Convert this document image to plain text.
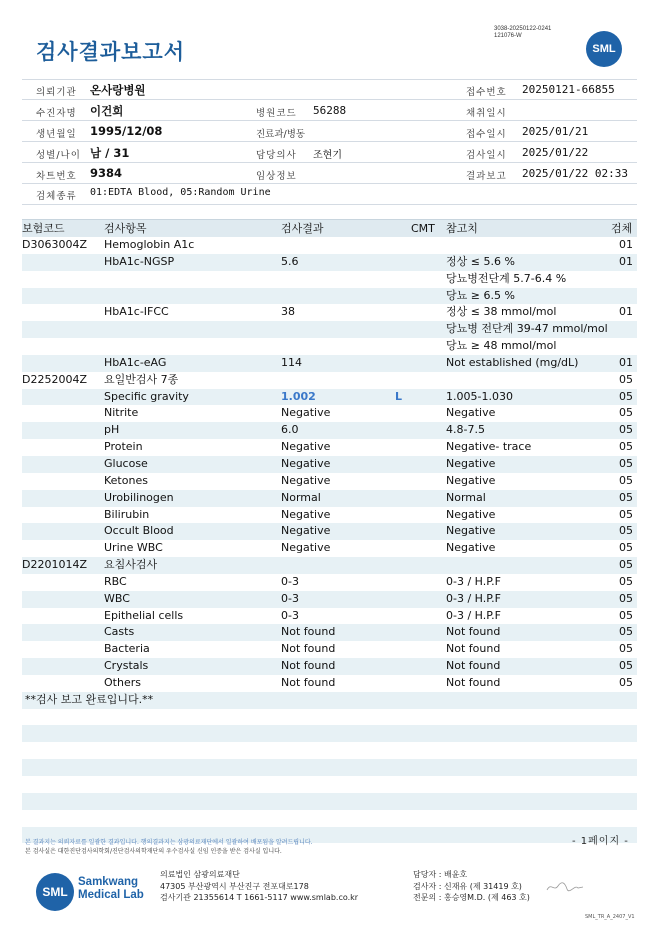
3038-20250122-0241
121076-W
검사결과보고서	SML
의뢰기관 온사랑병원	접수번호 20250121-66855
수진자명 이건희	병원코드 56288	채취일시
생년월일 1995/12/08	진료과/병동	접수일시 2025/01/21
성별/나이 남 / 31	담당의사 조현기	검사일시 2025/01/22
차트번호 9384	임상정보	결과보고 2025/01/22 02:33
검체종류 01:EDTA Blood, 05:Random Urine
보험코드	검사항목	검사결과	CMT 참고치	검체
D3063004Z Hemoglobin A1c	01
HbA1c-NGSP	5.6	정상 ≤ 5.6 %	01
당뇨병전단계 5.7-6.4 %
당뇨 ≥ 6.5 %
HbA1c-IFCC	38	정상 ≤ 38 mmol/mol	01
당뇨병 전단계 39-47 mmol/mol
당뇨 ≥ 48 mmol/mol
HbA1c-eAG	114	Not established (mg/dL)	01
D2252004Z 요일반검사 7종	05
Specific gravity	1.002	L	1.005-1.030	05
Nitrite	Negative	Negative	05
pH	6.0	4.8-7.5	05
Protein	Negative	Negative- trace	05
Glucose	Negative	Negative	05
Ketones	Negative	Negative	05
Urobilinogen	Normal	Normal	05
Bilirubin	Negative	Negative	05
Occult Blood	Negative	Negative	05
Urine WBC	Negative	Negative	05
D2201014Z 요침사검사	05
RBC	0-3	0-3 / H.P.F	05
WBC	0-3	0-3 / H.P.F	05
Epithelial cells	0-3	0-3 / H.P.F	05
Casts	Not found	Not found	05
Bacteria	Not found	Not found	05
Crystals	Not found	Not found	05
Others	Not found	Not found	05
**검사 보고 완료입니다.**
- 1페이지 -
본 결과지는 의뢰자료를 일괄한 결과입니다. 행의결과지는 삼광의료재단에서 일괄하여 배포됨을 알려드립니다.
본 검사실은 대한진단검사의학회/진단검사의학재단의 우수검사실 신임 인증을 받은 검사실 입니다.
SML
Samkwang
Medical Lab
의료법인 삼광의료재단
47305 부산광역시 부산진구 전포대로178
검사기관 21355614 T 1661-5117 www.smlab.co.kr
담당자 : 배윤호
검사자 : 신재유 (제 31419 호)
전문의 : 홍승영M.D. (제 463 호)
SML_TR_A_2407_V1
